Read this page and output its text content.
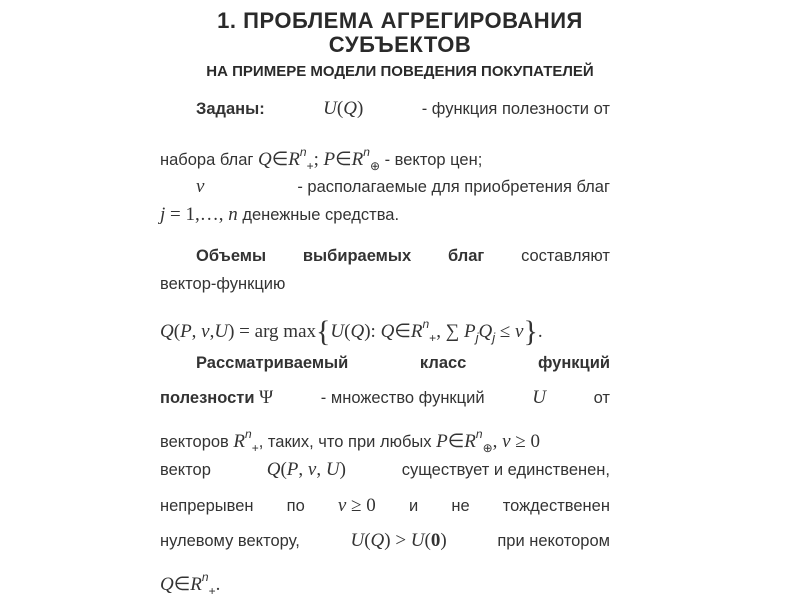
1. ПРОБЛЕМА АГРЕГИРОВАНИЯ
СУБЪЕКТОВ
НА ПРИМЕРЕ МОДЕЛИ ПОВЕДЕНИЯ ПОКУПАТЕЛЕЙ
Заданы:	U(Q)	- функция полезности от
набора благ $Q\in R^n_+$; $P\in R^n_\oplus$ - вектор цен;
v	- располагаемые для приобретения благ
j = 1,…, n денежные средства.
Объемы выбираемых благ составляют
вектор-функцию
Q(P, v,U) = arg max{U(Q): $Q\in R^n_+$, ∑ $P_jQ_j \le v$}.
Рассматриваемый	класс	функций
полезности Ψ	- множество функций	U	от
векторов $R^n_+$, таких, что при любых $P\in R^n_\oplus$, v ≥ 0
вектор	Q(P, v, U)	существует и единственен,
непрерывен по v ≥ 0 и не тождественен
нулевому вектору,	U(Q) > U(0)	при некотором
$Q\in R^n_+$.
